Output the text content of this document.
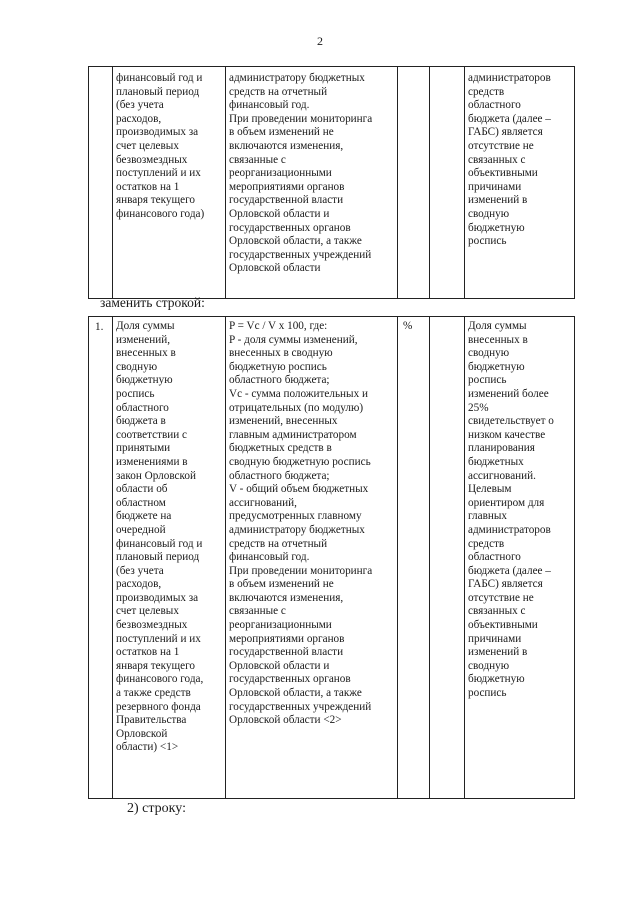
2
	финансовый год и
плановый период
(без учета
расходов,
производимых за
счет целевых
безвозмездных
поступлений и их
остатков на 1
января текущего
финансового года)	администратору бюджетных
средств на отчетный
финансовый год.
При проведении мониторинга
в объем изменений не
включаются изменения,
связанные с
реорганизационными
мероприятиями органов
государственной власти
Орловской области и
государственных органов
Орловской области, а также
государственных учреждений
Орловской области			администраторов
средств
областного
бюджета (далее –
ГАБС) является
отсутствие не
связанных с
объективными
причинами
изменений в
сводную
бюджетную
роспись
заменить строкой:
1.	Доля суммы
изменений,
внесенных в
сводную
бюджетную
роспись
областного
бюджета в
соответствии с
принятыми
изменениями в
закон Орловской
области об
областном
бюджете на
очередной
финансовый год и
плановый период
(без учета
расходов,
производимых за
счет целевых
безвозмездных
поступлений и их
остатков на 1
января текущего
финансового года,
а также средств
резервного фонда
Правительства
Орловской
области) <1>	P = Vc / V x 100, где:
P - доля суммы изменений,
внесенных в сводную
бюджетную роспись
областного бюджета;
Vc - сумма положительных и
отрицательных (по модулю)
изменений, внесенных
главным администратором
бюджетных средств в
сводную бюджетную роспись
областного бюджета;
V - общий объем бюджетных
ассигнований,
предусмотренных главному
администратору бюджетных
средств на отчетный
финансовый год.
При проведении мониторинга
в объем изменений не
включаются изменения,
связанные с
реорганизационными
мероприятиями органов
государственной власти
Орловской области и
государственных органов
Орловской области, а также
государственных учреждений
Орловской области <2>	%		Доля суммы
внесенных в
сводную
бюджетную
роспись
изменений более
25%
свидетельствует о
низком качестве
планирования
бюджетных
ассигнований.
Целевым
ориентиром для
главных
администраторов
средств
областного
бюджета (далее –
ГАБС) является
отсутствие не
связанных с
объективными
причинами
изменений в
сводную
бюджетную
роспись
2) строку:
